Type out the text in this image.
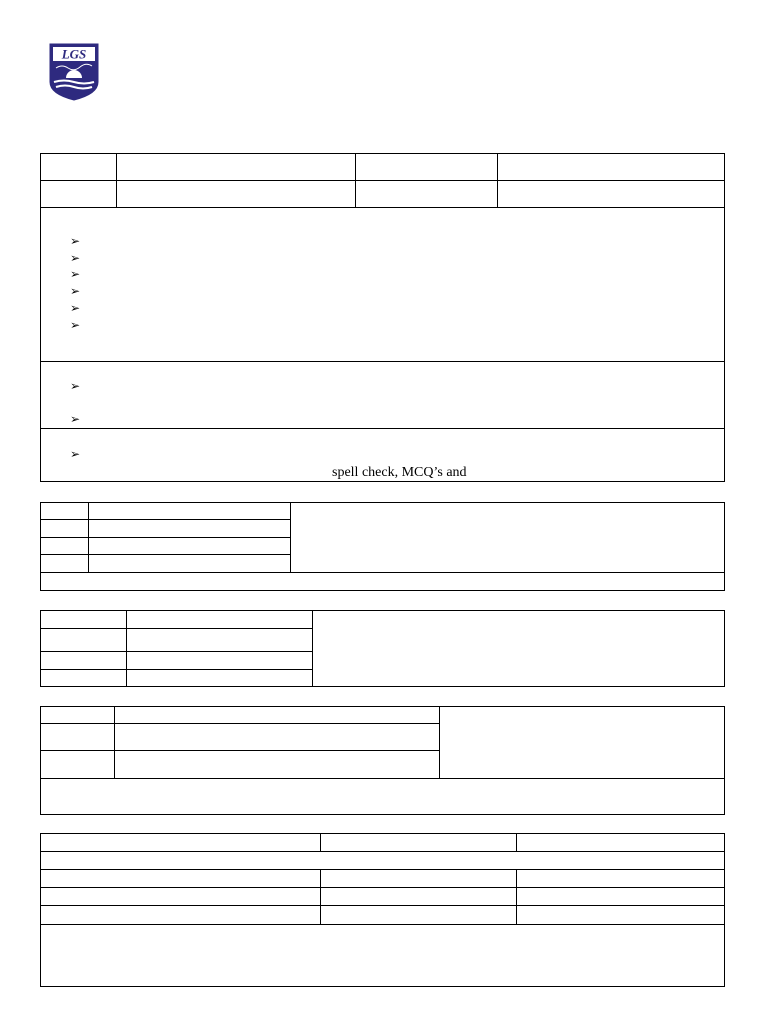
LGS
➢
➢
➢
➢
➢
➢
➢
➢
➢
spell check, MCQ’s and
